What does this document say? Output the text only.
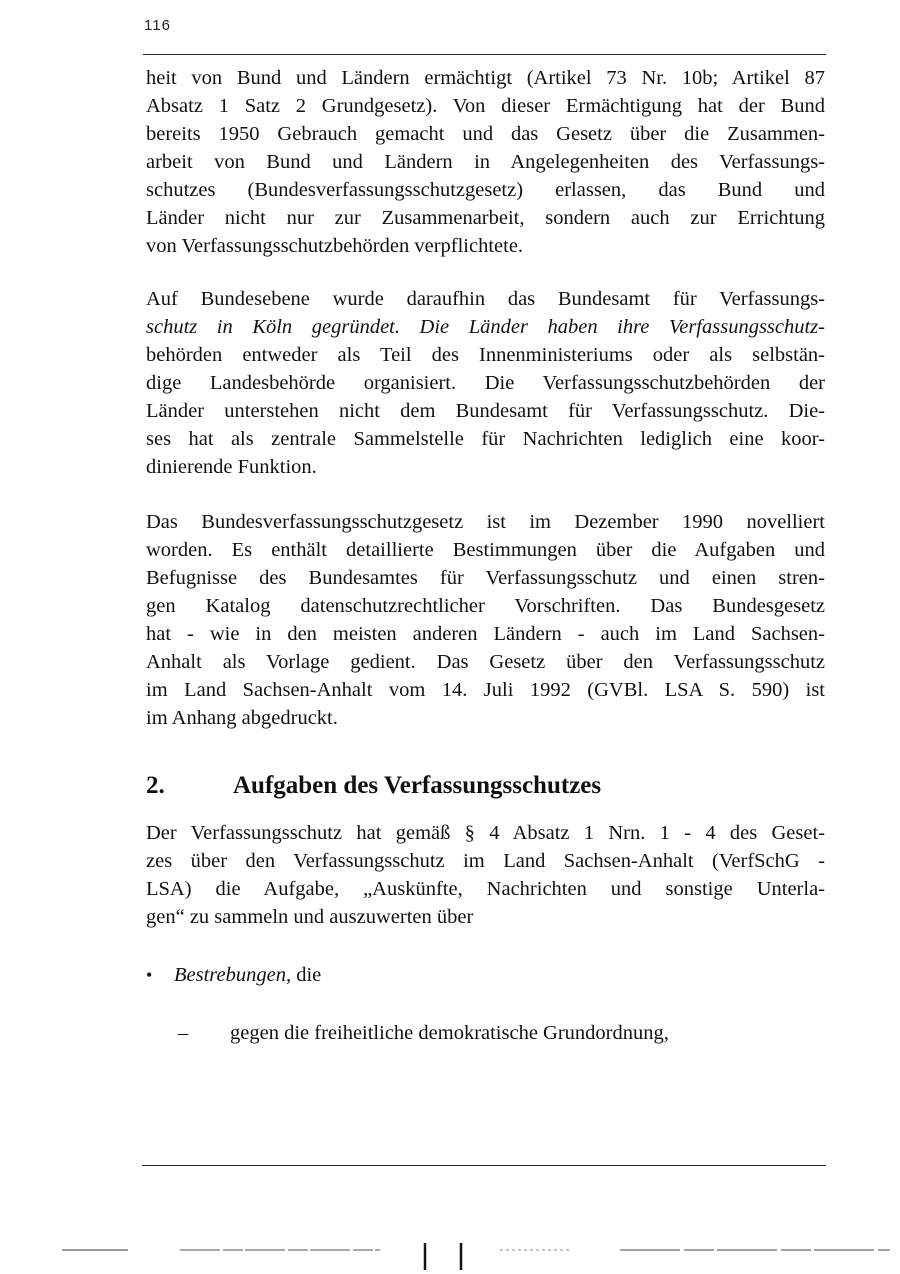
116
heit von Bund und Ländern ermächtigt (Artikel 73 Nr. 10b; Artikel 87
Absatz 1 Satz 2 Grundgesetz). Von dieser Ermächtigung hat der Bund
bereits 1950 Gebrauch gemacht und das Gesetz über die Zusammen-
arbeit von Bund und Ländern in Angelegenheiten des Verfassungs-
schutzes (Bundesverfassungsschutzgesetz) erlassen, das Bund und
Länder nicht nur zur Zusammenarbeit, sondern auch zur Errichtung
von Verfassungsschutzbehörden verpflichtete.
Auf Bundesebene wurde daraufhin das Bundesamt für Verfassungs-
schutz in Köln gegründet. Die Länder haben ihre Verfassungsschutz-
behörden entweder als Teil des Innenministeriums oder als selbstän-
dige Landesbehörde organisiert. Die Verfassungsschutzbehörden der
Länder unterstehen nicht dem Bundesamt für Verfassungsschutz. Die-
ses hat als zentrale Sammelstelle für Nachrichten lediglich eine koor-
dinierende Funktion.
Das Bundesverfassungsschutzgesetz ist im Dezember 1990 novelliert
worden. Es enthält detaillierte Bestimmungen über die Aufgaben und
Befugnisse des Bundesamtes für Verfassungsschutz und einen stren-
gen Katalog datenschutzrechtlicher Vorschriften. Das Bundesgesetz
hat - wie in den meisten anderen Ländern - auch im Land Sachsen-
Anhalt als Vorlage gedient. Das Gesetz über den Verfassungsschutz
im Land Sachsen-Anhalt vom 14. Juli 1992 (GVBl. LSA S. 590) ist
im Anhang abgedruckt.
2.	Aufgaben des Verfassungsschutzes
Der Verfassungsschutz hat gemäß § 4 Absatz 1 Nrn. 1 - 4 des Geset-
zes über den Verfassungsschutz im Land Sachsen-Anhalt (VerfSchG -
LSA) die Aufgabe, „Auskünfte, Nachrichten und sonstige Unterla-
gen“ zu sammeln und auszuwerten über
• Bestrebungen, die
– gegen die freiheitliche demokratische Grundordnung,
